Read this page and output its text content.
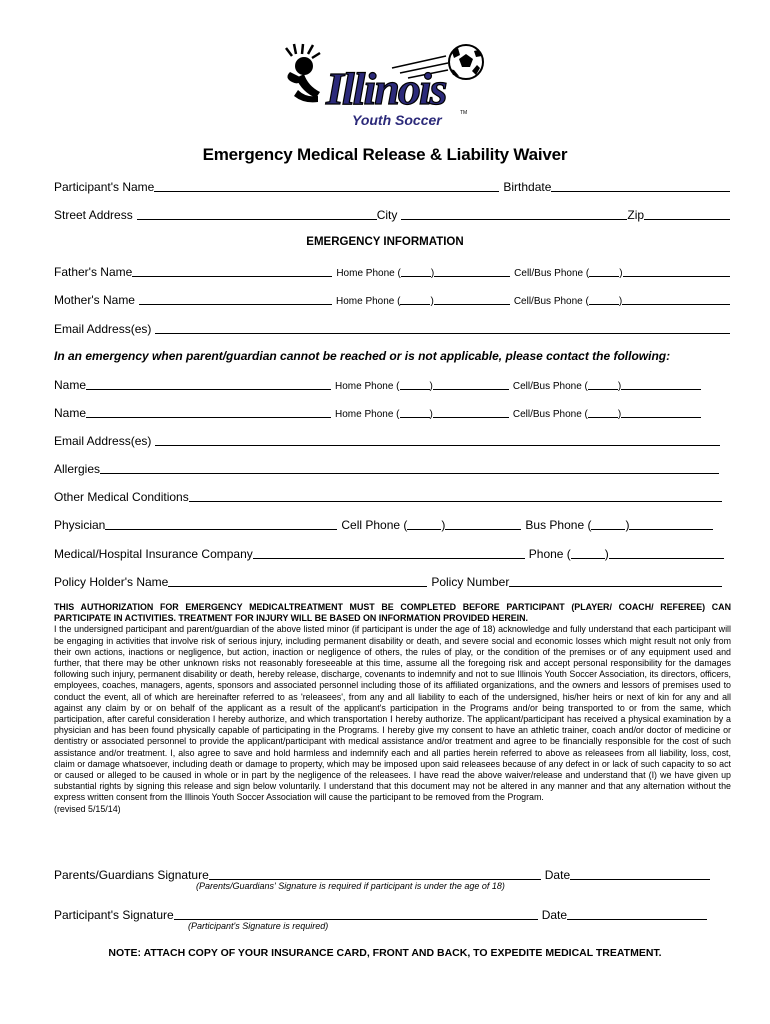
Illinois
Youth Soccer	TM
Emergency Medical Release & Liability Waiver
Participant's Name	Birthdate
Street Address	City	Zip
EMERGENCY INFORMATION
Father's Name	Home Phone (	)	Cell/Bus Phone (	)
Mother's Name	Home Phone (	)	Cell/Bus Phone (	)
Email Address(es)
In an emergency when parent/guardian cannot be reached or is not applicable, please contact the following:
Name	Home Phone (	)	Cell/Bus Phone (	)
Name	Home Phone (	)	Cell/Bus Phone (	)
Email Address(es)
Allergies
Other Medical Conditions
Physician	Cell Phone (	)	Bus Phone (	)
Medical/Hospital Insurance Company	Phone (	)
Policy Holder's Name	Policy Number
THIS AUTHORIZATION FOR EMERGENCY MEDICALTREATMENT MUST BE COMPLETED BEFORE PARTICIPANT (PLAYER/ COACH/ REFEREE) CAN PARTICIPATE IN ACTIVITIES. TREATMENT FOR INJURY WILL BE BASED ON INFORMATION PROVIDED HEREIN.
I the undersigned participant and parent/guardian of the above listed minor (if participant is under the age of 18) acknowledge and fully understand that each participant will be engaging in activities that involve risk of serious injury, including permanent disability or death, and severe social and economic losses which might result not only from their own actions, inactions or negligence, but action, inaction or negligence of others, the rules of play, or the condition of the premises or of any equipment used and further, that there may be other unknown risks not reasonably foreseeable at this time, assume all the foregoing risk and accept personal responsibility for the damages following such injury, permanent disability or death, hereby release, discharge, covenants to indemnify and not to sue Illinois Youth Soccer Association, its directors, officers, employees, coaches, managers, agents, sponsors and associated personnel including those of its affiliated organizations, and the owners and lessors of premises used to conduct the event, all of which are hereinafter referred to as 'releasees', from any and all liability to each of the undersigned, his/her heirs or next of kin for any and all against any claim by or on behalf of the applicant as a result of the applicant's participation in the Programs and/or being transported to or from the same, which participation, after careful consideration I hereby authorize, and which transportation I hereby authorize. The applicant/participant has received a physical examination by a physician and has been found physically capable of participating in the Programs. I hereby give my consent to have an athletic trainer, coach and/or doctor of medicine or dentistry or associated personnel to provide the applicant/participant with medical assistance and/or treatment and agree to be financially responsible for the cost of such assistance and/or treatment. I, also agree to save and hold harmless and indemnify each and all parties herein referred to above as releasees from all liability, loss, cost, claim or damage whatsoever, including death or damage to property, which may be imposed upon said releasees because of any defect in or lack of such capacity to so act or caused or alleged to be caused in whole or in part by the negligence of the releasees. I have read the above waiver/release and understand that (I) we have given up substantial rights by signing this release and sign below voluntarily. I understand that this document may not be altered in any manner and that any alternation without the express written consent from the Illinois Youth Soccer Association will cause the participant to be removed from the Program.
(revised 5/15/14)
Parents/Guardians Signature	Date
(Parents/Guardians' Signature is required if participant is under the age of 18)
Participant's Signature	Date
(Participant's Signature is required)
NOTE: ATTACH COPY OF YOUR INSURANCE CARD, FRONT AND BACK, TO EXPEDITE MEDICAL TREATMENT.
